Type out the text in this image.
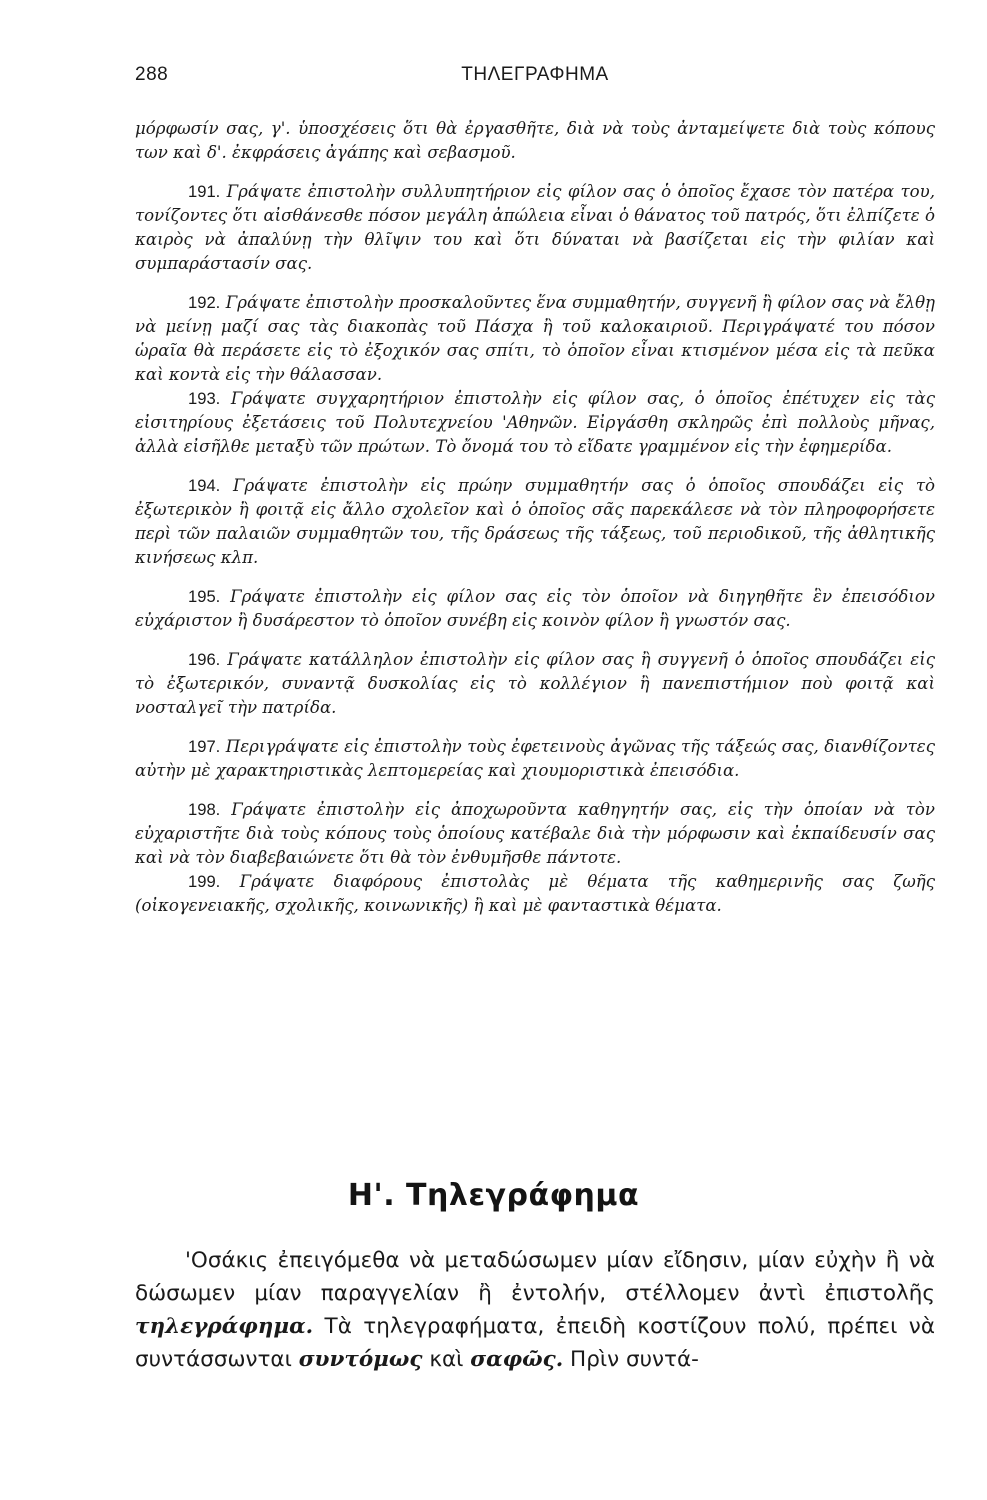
288	ΤΗΛΕΓΡΑΦΗΜΑ

μόρφωσίν σας, γ'. ὑποσχέσεις ὅτι θὰ ἐργασθῆτε, διὰ νὰ τοὺς ἀνταμείψετε διὰ τοὺς κόπους των καὶ δ'. ἐκφράσεις ἀγάπης καὶ σεβασμοῦ.

191. Γράψατε ἐπιστολὴν συλλυπητήριον εἰς φίλον σας ὁ ὁποῖος ἔχασε τὸν πατέρα του, τονίζοντες ὅτι αἰσθάνεσθε πόσον μεγάλη ἀπώλεια εἶναι ὁ θάνατος τοῦ πατρός, ὅτι ἐλπίζετε ὁ καιρὸς νὰ ἀπαλύνῃ τὴν θλῖψιν του καὶ ὅτι δύναται νὰ βασίζεται εἰς τὴν φιλίαν καὶ συμπαράστασίν σας.

192. Γράψατε ἐπιστολὴν προσκαλοῦντες ἕνα συμμαθητήν, συγγενῆ ἢ φίλον σας νὰ ἔλθῃ νὰ μείνῃ μαζί σας τὰς διακοπὰς τοῦ Πάσχα ἢ τοῦ καλοκαιριοῦ. Περιγράψατέ του πόσον ὡραῖα θὰ περάσετε εἰς τὸ ἐξοχικόν σας σπίτι, τὸ ὁποῖον εἶναι κτισμένον μέσα εἰς τὰ πεῦκα καὶ κοντὰ εἰς τὴν θάλασσαν.

193. Γράψατε συγχαρητήριον ἐπιστολὴν εἰς φίλον σας, ὁ ὁποῖος ἐπέτυχεν εἰς τὰς εἰσιτηρίους ἐξετάσεις τοῦ Πολυτεχνείου 'Αθηνῶν. Εἰργάσθη σκληρῶς ἐπὶ πολλοὺς μῆνας, ἀλλὰ εἰσῆλθε μεταξὺ τῶν πρώτων. Τὸ ὄνομά του τὸ εἴδατε γραμμένον εἰς τὴν ἐφημερίδα.

194. Γράψατε ἐπιστολὴν εἰς πρώην συμμαθητήν σας ὁ ὁποῖος σπουδάζει εἰς τὸ ἐξωτερικὸν ἢ φοιτᾷ εἰς ἄλλο σχολεῖον καὶ ὁ ὁποῖος σᾶς παρεκάλεσε νὰ τὸν πληροφορήσετε περὶ τῶν παλαιῶν συμμαθητῶν του, τῆς δράσεως τῆς τάξεως, τοῦ περιοδικοῦ, τῆς ἀθλητικῆς κινήσεως κλπ.

195. Γράψατε ἐπιστολὴν εἰς φίλον σας εἰς τὸν ὁποῖον νὰ διηγηθῆτε ἓν ἐπεισόδιον εὐχάριστον ἢ δυσάρεστον τὸ ὁποῖον συνέβη εἰς κοινὸν φίλον ἢ γνωστόν σας.

196. Γράψατε κατάλληλον ἐπιστολὴν εἰς φίλον σας ἢ συγγενῆ ὁ ὁποῖος σπουδάζει εἰς τὸ ἐξωτερικόν, συναντᾷ δυσκολίας εἰς τὸ κολλέγιον ἢ πανεπιστήμιον ποὺ φοιτᾷ καὶ νοσταλγεῖ τὴν πατρίδα.

197. Περιγράψατε εἰς ἐπιστολὴν τοὺς ἐφετεινοὺς ἀγῶνας τῆς τάξεώς σας, διανθίζοντες αὐτὴν μὲ χαρακτηριστικὰς λεπτομερείας καὶ χιουμοριστικὰ ἐπεισόδια.

198. Γράψατε ἐπιστολὴν εἰς ἀποχωροῦντα καθηγητήν σας, εἰς τὴν ὁποίαν νὰ τὸν εὐχαριστῆτε διὰ τοὺς κόπους τοὺς ὁποίους κατέβαλε διὰ τὴν μόρφωσιν καὶ ἐκπαίδευσίν σας καὶ νὰ τὸν διαβεβαιώνετε ὅτι θὰ τὸν ἐνθυμῆσθε πάντοτε.

199. Γράψατε διαφόρους ἐπιστολὰς μὲ θέματα τῆς καθημερινῆς σας ζωῆς (οἰκογενειακῆς, σχολικῆς, κοινωνικῆς) ἢ καὶ μὲ φανταστικὰ θέματα.

Η'. Τηλεγράφημα

'Οσάκις ἐπειγόμεθα νὰ μεταδώσωμεν μίαν εἴδησιν, μίαν εὐχὴν ἢ νὰ δώσωμεν μίαν παραγγελίαν ἢ ἐντολήν, στέλλομεν ἀντὶ ἐπιστολῆς τηλεγράφημα. Τὰ τηλεγραφήματα, ἐπειδὴ κοστίζουν πολύ, πρέπει νὰ συντάσσωνται συντόμως καὶ σαφῶς. Πρὶν συντά-
